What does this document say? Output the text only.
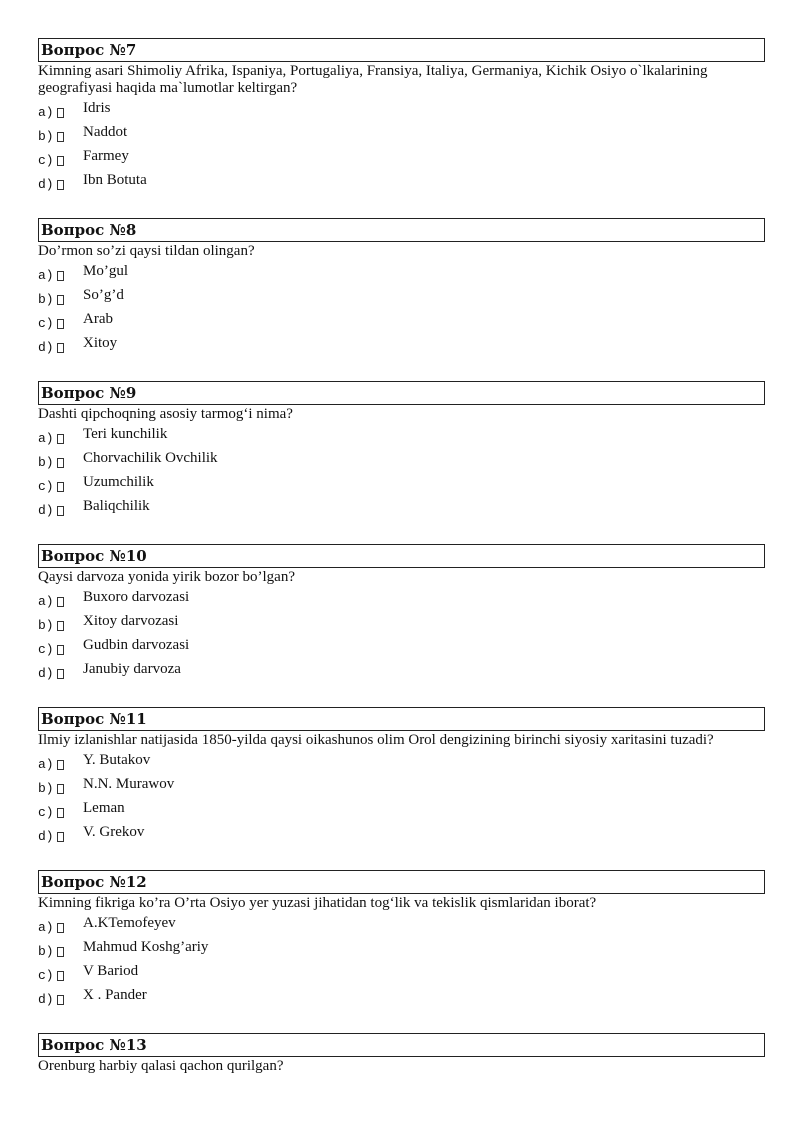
Вопрос №7
Kimning asari Shimoliy Afrika, Ispaniya, Portugaliya, Fransiya, Italiya, Germaniya, Kichik Osiyo o`lkalarining geografiyasi haqida ma`lumotlar keltirgan?
a) Idris
b) Naddot
c) Farmey
d) Ibn Botuta
Вопрос №8
Do’rmon so’zi qaysi tildan olingan?
a) Mo’gul
b) So’g’d
c) Arab
d) Xitoy
Вопрос №9
Dashti qipchoqning asosiy tarmog‘i nima?
a) Teri kunchilik
b) Chorvachilik Ovchilik
c) Uzumchilik
d) Baliqchilik
Вопрос №10
Qaysi darvoza yonida yirik bozor bo’lgan?
a) Buxoro darvozasi
b) Xitoy darvozasi
c) Gudbin darvozasi
d) Janubiy darvoza
Вопрос №11
Ilmiy izlanishlar natijasida 1850-yilda qaysi oikashunos olim Orol dengizining birinchi siyosiy xaritasini tuzadi?
a) Y. Butakov
b) N.N. Murawov
c) Leman
d) V. Grekov
Вопрос №12
Kimning fikriga ko’ra O’rta Osiyo yer yuzasi jihatidan tog‘lik va tekislik qismlaridan iborat?
a) A.KTemofeyev
b) Mahmud Koshg’ariy
c) V Bariod
d) X . Pander
Вопрос №13
Orenburg harbiy qalasi qachon qurilgan?
